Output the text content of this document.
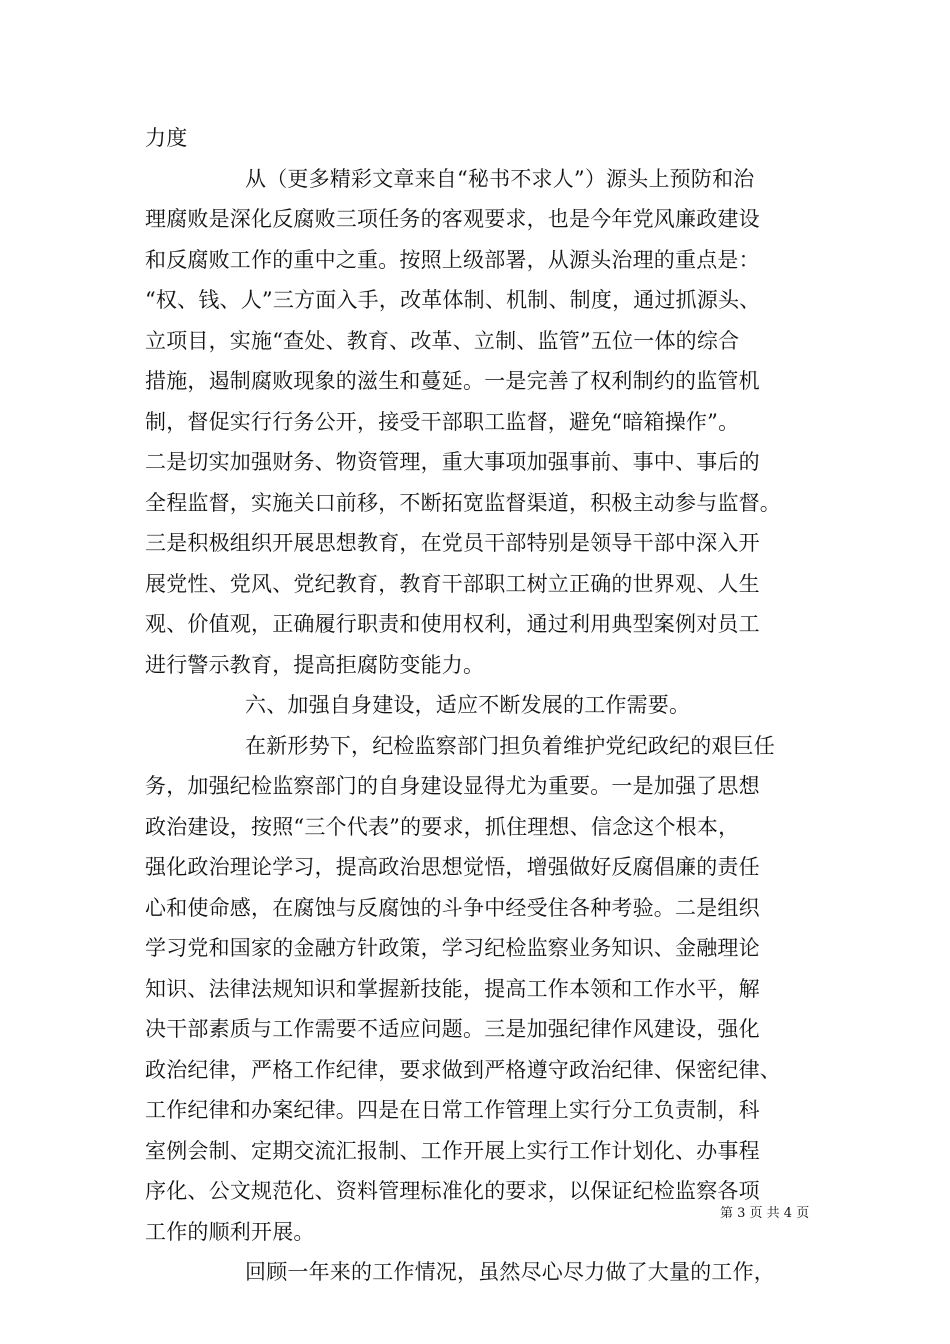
力度
从（更多精彩文章来自“秘书不求人”）源头上预防和治
理腐败是深化反腐败三项任务的客观要求，也是今年党风廉政建设
和反腐败工作的重中之重。按照上级部署，从源头治理的重点是：
“权、钱、人”三方面入手，改革体制、机制、制度，通过抓源头、
立项目，实施“查处、教育、改革、立制、监管”五位一体的综合
措施，遏制腐败现象的滋生和蔓延。一是完善了权利制约的监管机
制，督促实行行务公开，接受干部职工监督，避免“暗箱操作”。
二是切实加强财务、物资管理，重大事项加强事前、事中、事后的
全程监督，实施关口前移，不断拓宽监督渠道，积极主动参与监督。
三是积极组织开展思想教育，在党员干部特别是领导干部中深入开
展党性、党风、党纪教育，教育干部职工树立正确的世界观、人生
观、价值观，正确履行职责和使用权利，通过利用典型案例对员工
进行警示教育，提高拒腐防变能力。
六、加强自身建设，适应不断发展的工作需要。
在新形势下，纪检监察部门担负着维护党纪政纪的艰巨任
务，加强纪检监察部门的自身建设显得尤为重要。一是加强了思想
政治建设，按照“三个代表”的要求，抓住理想、信念这个根本，
强化政治理论学习，提高政治思想觉悟，增强做好反腐倡廉的责任
心和使命感，在腐蚀与反腐蚀的斗争中经受住各种考验。二是组织
学习党和国家的金融方针政策，学习纪检监察业务知识、金融理论
知识、法律法规知识和掌握新技能，提高工作本领和工作水平，解
决干部素质与工作需要不适应问题。三是加强纪律作风建设，强化
政治纪律，严格工作纪律，要求做到严格遵守政治纪律、保密纪律、
工作纪律和办案纪律。四是在日常工作管理上实行分工负责制，科
室例会制、定期交流汇报制、工作开展上实行工作计划化、办事程
序化、公文规范化、资料管理标准化的要求，以保证纪检监察各项
工作的顺利开展。
回顾一年来的工作情况，虽然尽心尽力做了大量的工作，
第 3 页 共 4 页
